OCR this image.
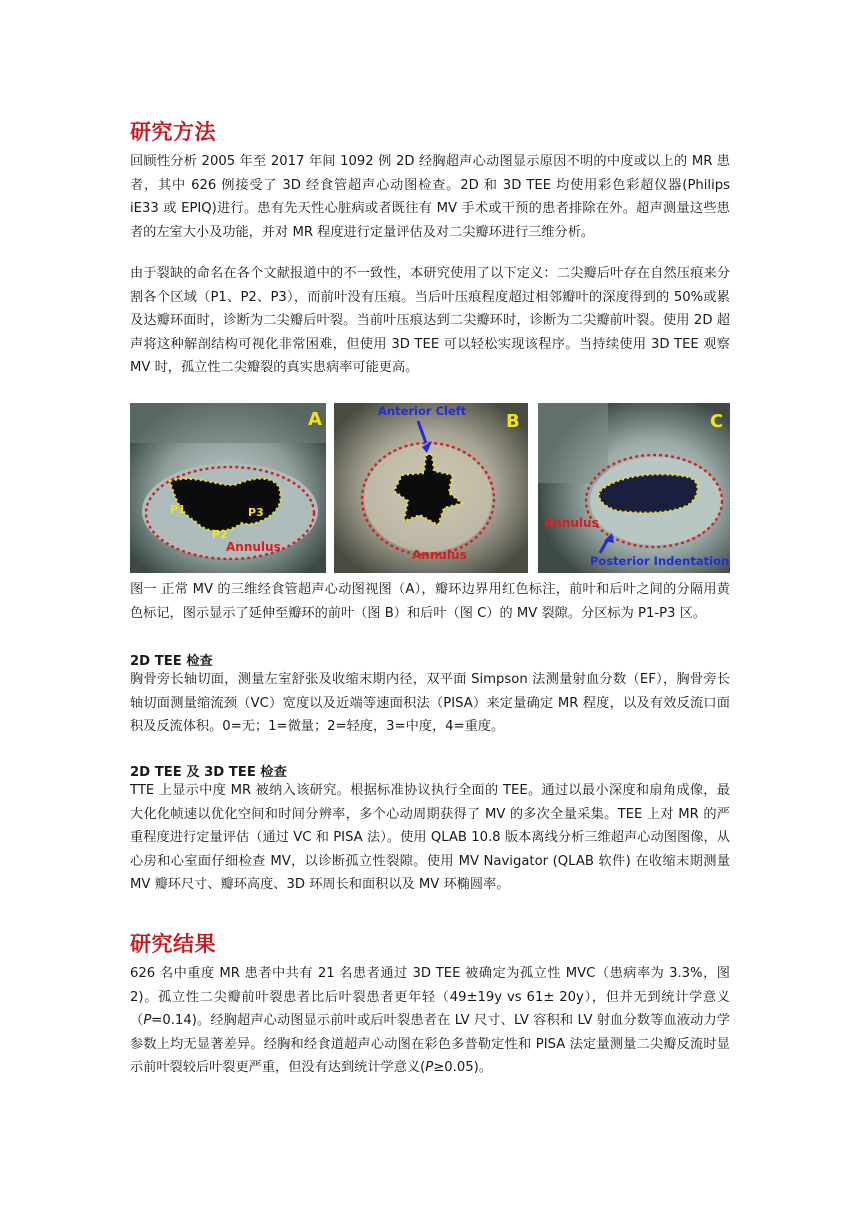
研究方法

回顾性分析 2005 年至 2017 年间 1092 例 2D 经胸超声心动图显示原因不明的中度或以上的 MR 患者，其中 626 例接受了 3D 经食管超声心动图检查。2D 和 3D TEE 均使用彩色彩超仪器(Philips iE33 或 EPIQ)进行。患有先天性心脏病或者既往有 MV 手术或干预的患者排除在外。超声测量这些患者的左室大小及功能，并对 MR 程度进行定量评估及对二尖瓣环进行三维分析。

由于裂缺的命名在各个文献报道中的不一致性，本研究使用了以下定义：二尖瓣后叶存在自然压痕来分割各个区域（P1、P2、P3），而前叶没有压痕。当后叶压痕程度超过相邻瓣叶的深度得到的 50%或累及达瓣环面时，诊断为二尖瓣后叶裂。当前叶压痕达到二尖瓣环时，诊断为二尖瓣前叶裂。使用 2D 超声将这种解剖结构可视化非常困难，但使用 3D TEE 可以轻松实现该程序。当持续使用 3D TEE 观察 MV 时，孤立性二尖瓣裂的真实患病率可能更高。

A
P1
P2
P3
Annulus
Anterior Cleft B
Annulus
C
Annulus
Posterior Indentation

图一 正常 MV 的三维经食管超声心动图视图（A），瓣环边界用红色标注，前叶和后叶之间的分隔用黄色标记，图示显示了延伸至瓣环的前叶（图 B）和后叶（图 C）的 MV 裂隙。分区标为 P1-P3 区。

2D TEE 检查

胸骨旁长轴切面，测量左室舒张及收缩末期内径，双平面 Simpson 法测量射血分数（EF），胸骨旁长轴切面测量缩流颈（VC）宽度以及近端等速面积法（PISA）来定量确定 MR 程度，以及有效反流口面积及反流体积。0=无；1=微量；2=轻度，3=中度，4=重度。

2D TEE 及 3D TEE 检查

TTE 上显示中度 MR 被纳入该研究。根据标准协议执行全面的 TEE。通过以最小深度和扇角成像，最大化化帧速以优化空间和时间分辨率，多个心动周期获得了 MV 的多次全量采集。TEE 上对 MR 的严重程度进行定量评估（通过 VC 和 PISA 法）。使用 QLAB 10.8 版本离线分析三维超声心动图图像，从心房和心室面仔细检查 MV，以诊断孤立性裂隙。使用 MV Navigator (QLAB 软件) 在收缩末期测量 MV 瓣环尺寸、瓣环高度、3D 环周长和面积以及 MV 环椭圆率。

研究结果

626 名中重度 MR 患者中共有 21 名患者通过 3D TEE 被确定为孤立性 MVC（患病率为 3.3%，图 2)。孤立性二尖瓣前叶裂患者比后叶裂患者更年轻（49±19y vs 61± 20y），但并无到统计学意义（P=0.14)。经胸超声心动图显示前叶或后叶裂患者在 LV 尺寸、LV 容积和 LV 射血分数等血液动力学参数上均无显著差异。经胸和经食道超声心动图在彩色多普勒定性和 PISA 法定量测量二尖瓣反流时显示前叶裂较后叶裂更严重，但没有达到统计学意义(P≥0.05)。
